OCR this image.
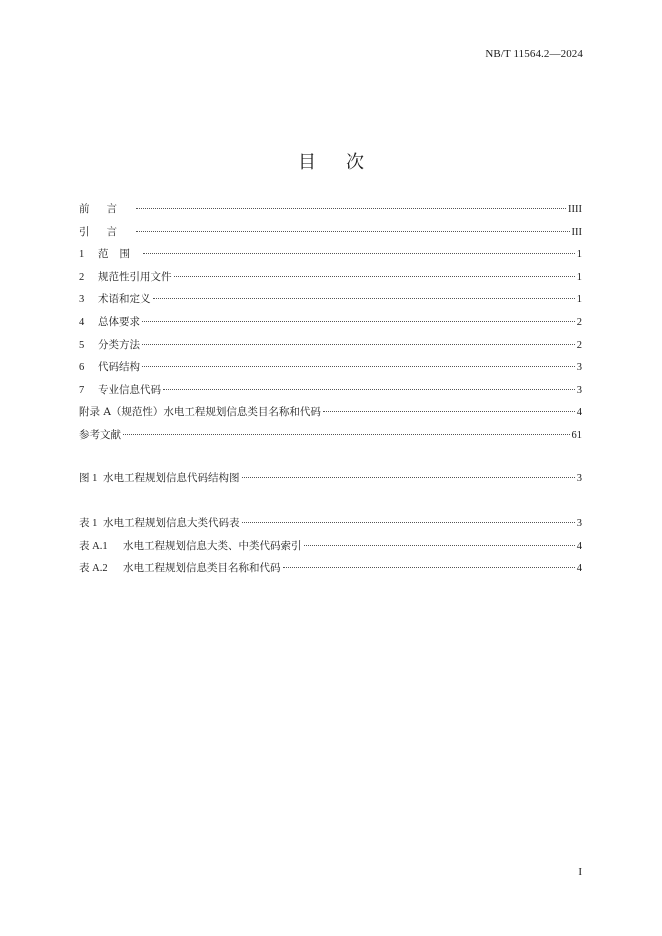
NB/T 11564.2—2024
目 次
前言	IIII
引言	III
1 范围	1
2 规范性引用文件	1
3 术语和定义	1
4 总体要求	2
5 分类方法	2
6 代码结构	3
7 专业信息代码	3
附录 A（规范性）水电工程规划信息类目名称和代码	4
参考文献	61
图 1 水电工程规划信息代码结构图	3
表 1 水电工程规划信息大类代码表	3
表 A.1 水电工程规划信息大类、中类代码索引	4
表 A.2 水电工程规划信息类目名称和代码	4
I
